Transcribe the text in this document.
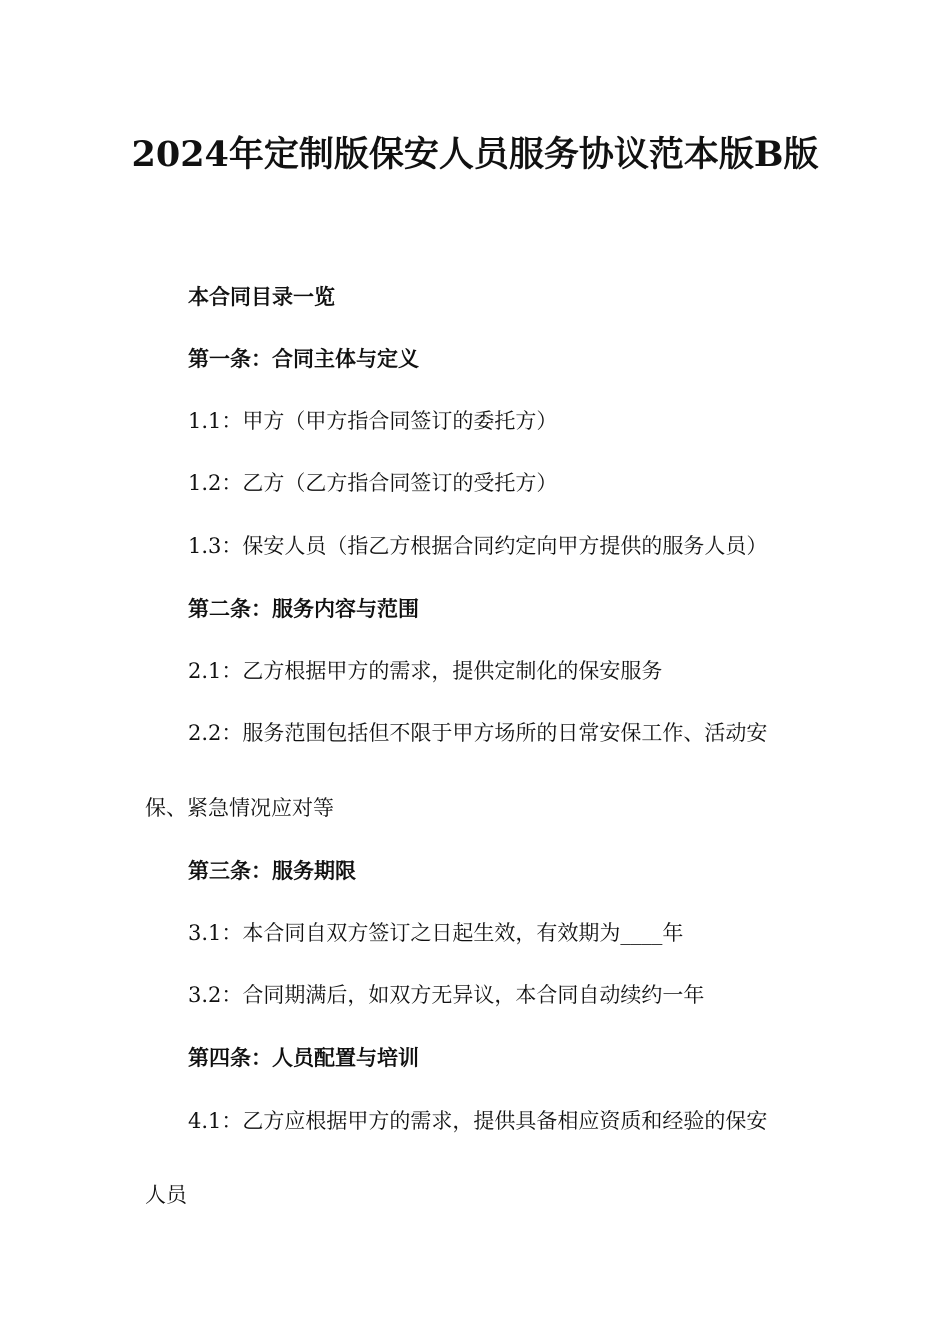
2024年定制版保安人员服务协议范本版B版
本合同目录一览
第一条：合同主体与定义
1.1：甲方（甲方指合同签订的委托方）
1.2：乙方（乙方指合同签订的受托方）
1.3：保安人员（指乙方根据合同约定向甲方提供的服务人员）
第二条：服务内容与范围
2.1：乙方根据甲方的需求，提供定制化的保安服务
2.2：服务范围包括但不限于甲方场所的日常安保工作、活动安
保、紧急情况应对等
第三条：服务期限
3.1：本合同自双方签订之日起生效，有效期为____年
3.2：合同期满后，如双方无异议，本合同自动续约一年
第四条：人员配置与培训
4.1：乙方应根据甲方的需求，提供具备相应资质和经验的保安
人员
